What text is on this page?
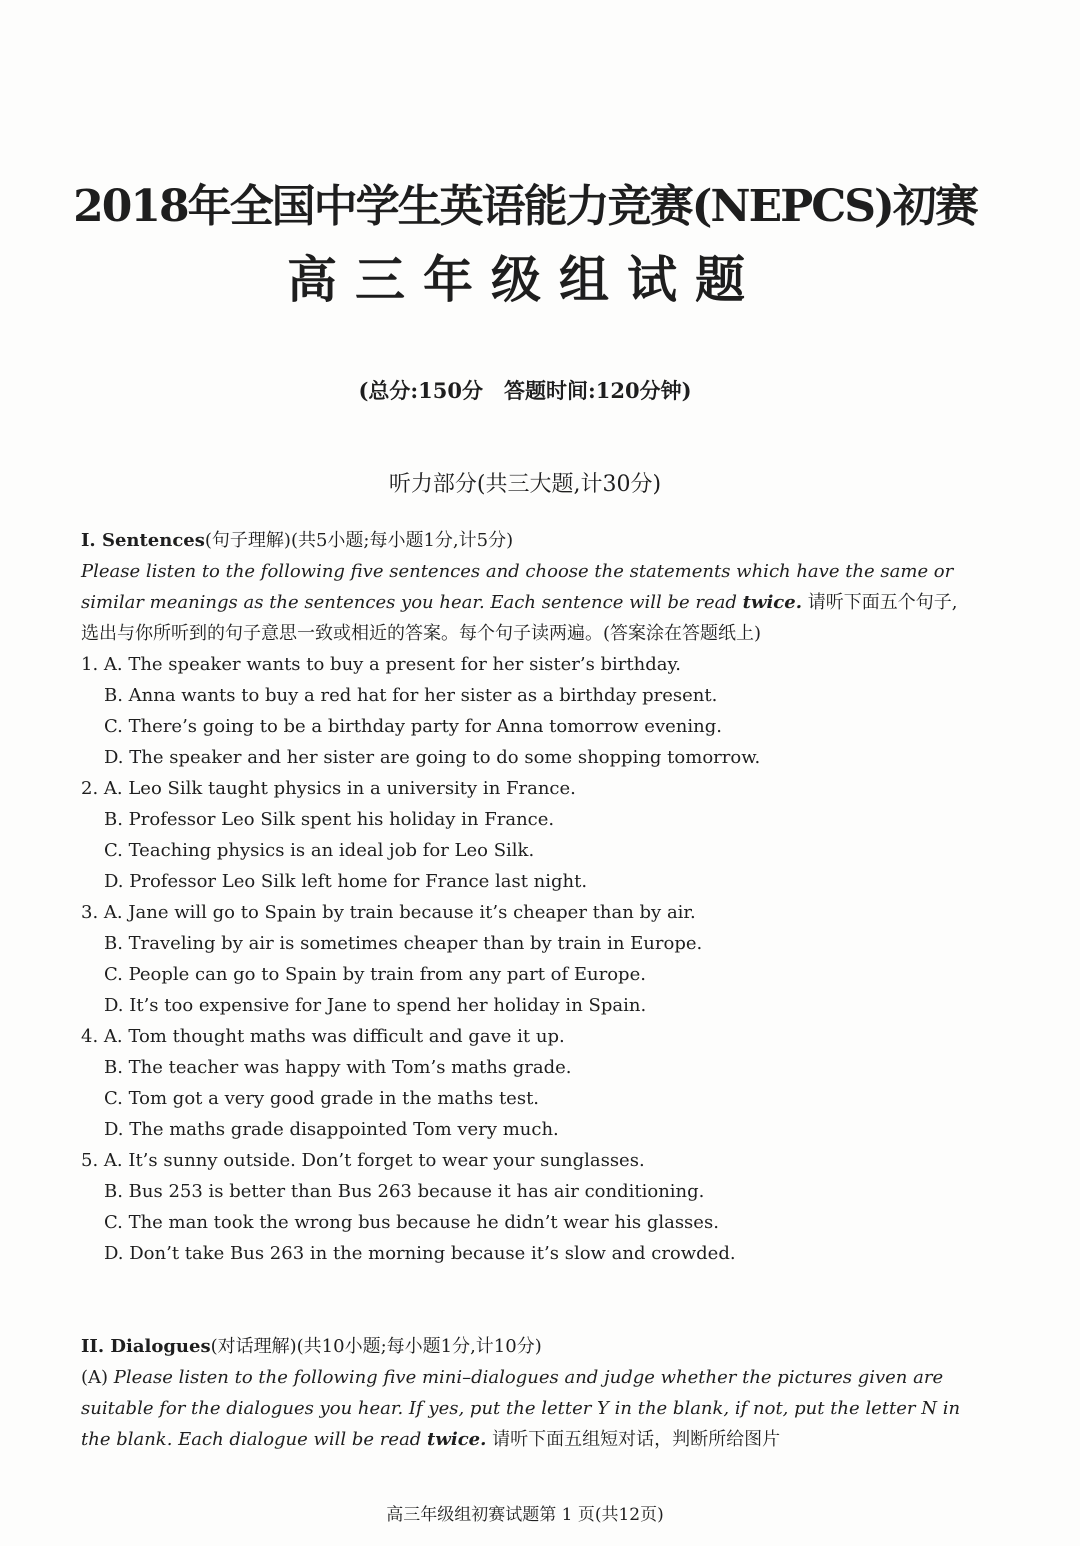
2018年全国中学生英语能力竞赛(NEPCS)初赛
高三年级组试题
(总分:150分　答题时间:120分钟)
听力部分(共三大题,计30分)
I. Sentences(句子理解)(共5小题;每小题1分,计5分)
Please listen to the following five sentences and choose the statements which have the same or similar meanings as the sentences you hear. Each sentence will be read twice. 请听下面五个句子,选出与你所听到的句子意思一致或相近的答案。每个句子读两遍。(答案涂在答题纸上)
1. A. The speaker wants to buy a present for her sister’s birthday.
B. Anna wants to buy a red hat for her sister as a birthday present.
C. There’s going to be a birthday party for Anna tomorrow evening.
D. The speaker and her sister are going to do some shopping tomorrow.
2. A. Leo Silk taught physics in a university in France.
B. Professor Leo Silk spent his holiday in France.
C. Teaching physics is an ideal job for Leo Silk.
D. Professor Leo Silk left home for France last night.
3. A. Jane will go to Spain by train because it’s cheaper than by air.
B. Traveling by air is sometimes cheaper than by train in Europe.
C. People can go to Spain by train from any part of Europe.
D. It’s too expensive for Jane to spend her holiday in Spain.
4. A. Tom thought maths was difficult and gave it up.
B. The teacher was happy with Tom’s maths grade.
C. Tom got a very good grade in the maths test.
D. The maths grade disappointed Tom very much.
5. A. It’s sunny outside. Don’t forget to wear your sunglasses.
B. Bus 253 is better than Bus 263 because it has air conditioning.
C. The man took the wrong bus because he didn’t wear his glasses.
D. Don’t take Bus 263 in the morning because it’s slow and crowded.
II. Dialogues(对话理解)(共10小题;每小题1分,计10分)
(A) Please listen to the following five mini–dialogues and judge whether the pictures given are suitable for the dialogues you hear. If yes, put the letter Y in the blank, if not, put the letter N in the blank. Each dialogue will be read twice. 请听下面五组短对话，判断所给图片
高三年级组初赛试题第 1 页(共12页)
